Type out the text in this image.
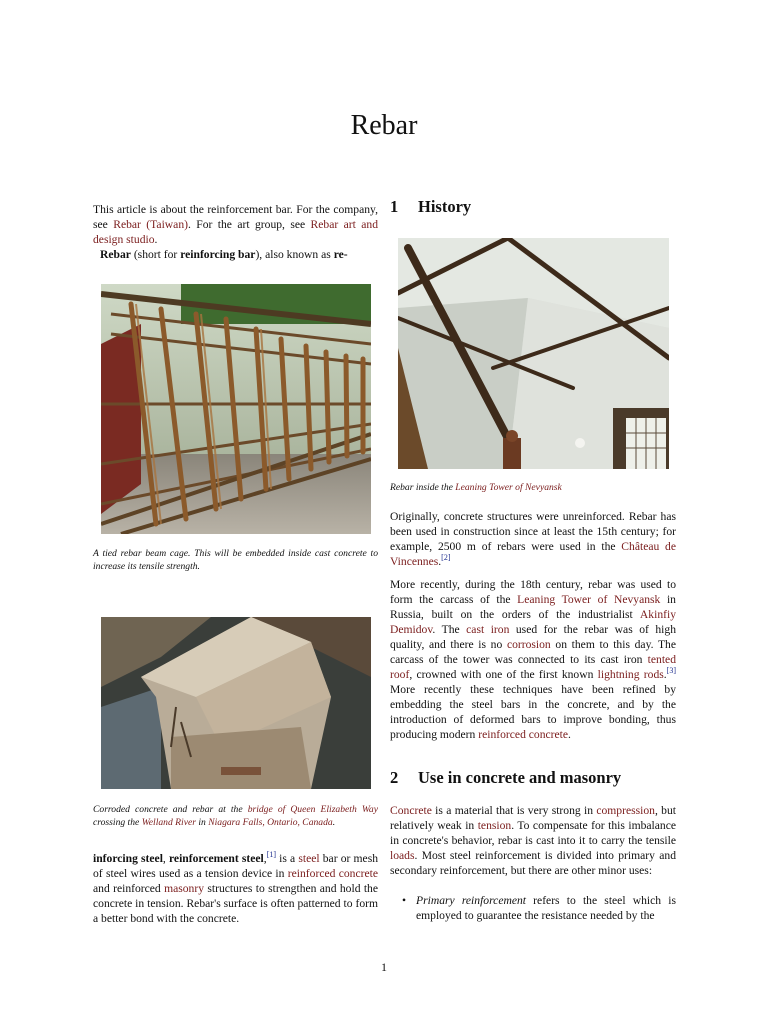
Rebar

This article is about the reinforcement bar. For the company, see Rebar (Taiwan). For the art group, see Rebar art and design studio.

Rebar (short for reinforcing bar), also known as re-

A tied rebar beam cage. This will be embedded inside cast concrete to increase its tensile strength.

Corroded concrete and rebar at the bridge of Queen Elizabeth Way crossing the Welland River in Niagara Falls, Ontario, Canada.

inforcing steel, reinforcement steel,[1] is a steel bar or mesh of steel wires used as a tension device in reinforced concrete and reinforced masonry structures to strengthen and hold the concrete in tension. Rebar's surface is often patterned to form a better bond with the concrete.

1 History

Rebar inside the Leaning Tower of Nevyansk

Originally, concrete structures were unreinforced. Rebar has been used in construction since at least the 15th century; for example, 2500 m of rebars were used in the Château de Vincennes.[2]

More recently, during the 18th century, rebar was used to form the carcass of the Leaning Tower of Nevyansk in Russia, built on the orders of the industrialist Akinfiy Demidov. The cast iron used for the rebar was of high quality, and there is no corrosion on them to this day. The carcass of the tower was connected to its cast iron tented roof, crowned with one of the first known lightning rods.[3] More recently these techniques have been refined by embedding the steel bars in the concrete, and by the introduction of deformed bars to improve bonding, thus producing modern reinforced concrete.

2 Use in concrete and masonry

Concrete is a material that is very strong in compression, but relatively weak in tension. To compensate for this imbalance in concrete's behavior, rebar is cast into it to carry the tensile loads. Most steel reinforcement is divided into primary and secondary reinforcement, but there are other minor uses:

• Primary reinforcement refers to the steel which is employed to guarantee the resistance needed by the
1
